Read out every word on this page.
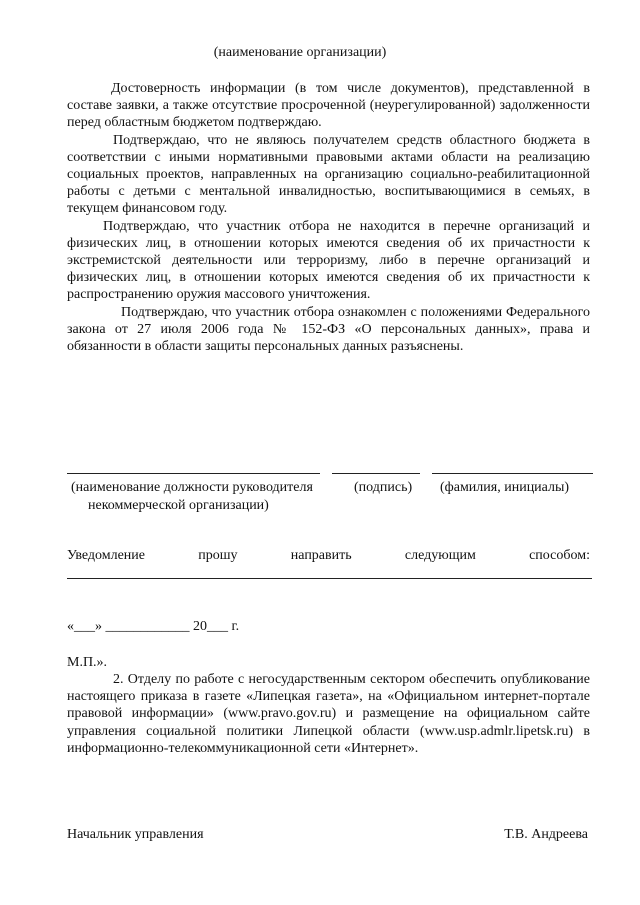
(наименование организации)

Достоверность информации (в том числе документов), представленной в составе заявки, а также отсутствие просроченной (неурегулированной) задолженности перед областным бюджетом подтверждаю.

Подтверждаю, что не являюсь получателем средств областного бюджета в соответствии с иными нормативными правовыми актами области на реализацию социальных проектов, направленных на организацию социально-реабилитационной работы с детьми с ментальной инвалидностью, воспитывающимися в семьях, в текущем финансовом году.

Подтверждаю, что участник отбора не находится в перечне организаций и физических лиц, в отношении которых имеются сведения об их причастности к экстремистской деятельности или терроризму, либо в перечне организаций и физических лиц, в отношении которых имеются сведения об их причастности к распространению оружия массового уничтожения.

Подтверждаю, что участник отбора ознакомлен с положениями Федерального закона от 27 июля 2006 года № 152-ФЗ «О персональных данных», права и обязанности в области защиты персональных данных разъяснены.

(наименование должности руководителя
некоммерческой организации)
(подпись) (фамилия, инициалы)
Уведомление	прошу	направить	следующим	способом:
«___» ____________ 20___ г.
М.П.».

2. Отделу по работе с негосударственным сектором обеспечить опубликование настоящего приказа в газете «Липецкая газета», на «Официальном интернет-портале правовой информации» (www.pravo.gov.ru) и размещение на официальном сайте управления социальной политики Липецкой области (www.usp.admlr.lipetsk.ru) в информационно-телекоммуникационной сети «Интернет».

Начальник управления	Т.В. Андреева
